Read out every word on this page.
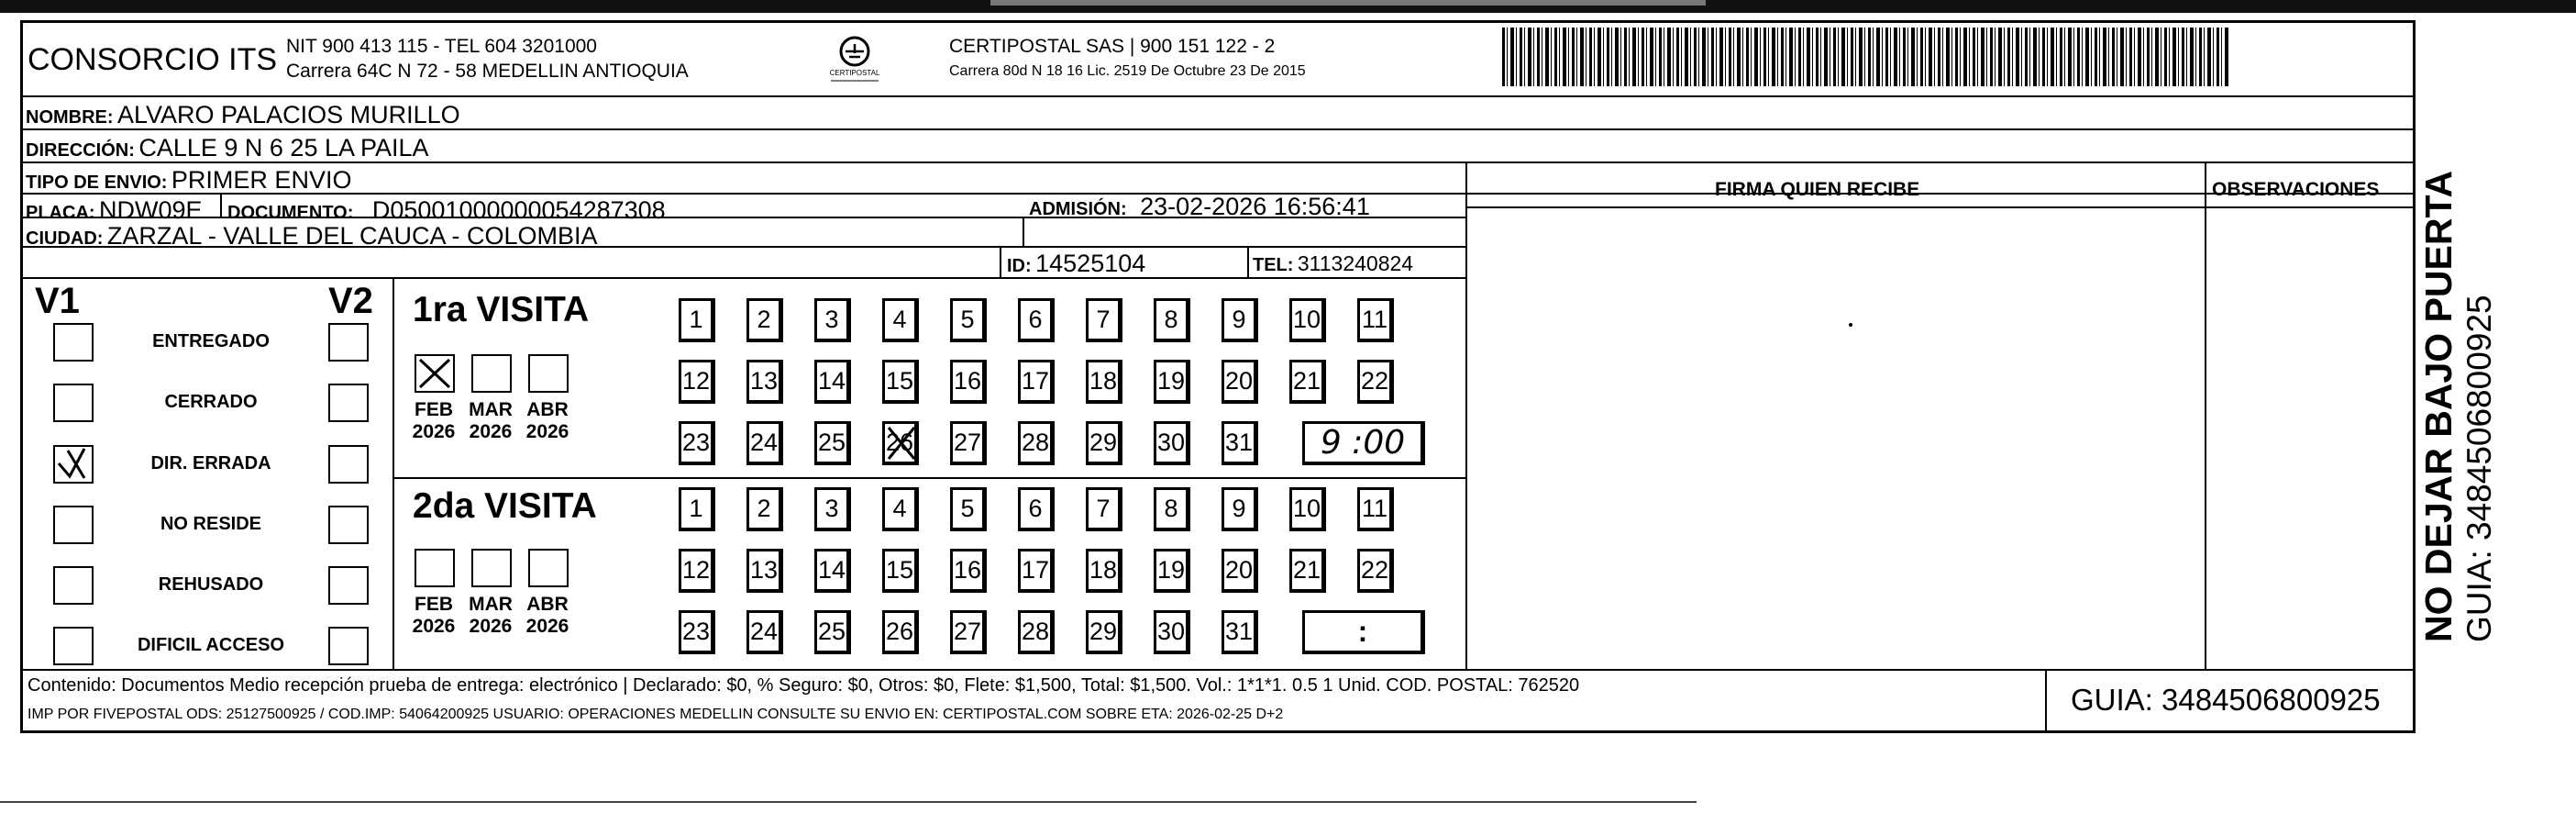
CONSORCIO ITS NIT 900 413 115 - TEL 604 3201000
Carrera 64C N 72 - 58 MEDELLIN ANTIOQUIA	CERTIPOSTAL
CERTIPOSTAL SAS | 900 151 122 - 2
Carrera 80d N 18 16 Lic. 2519 De Octubre 23 De 2015
NOMBRE: ALVARO PALACIOS MURILLO
DIRECCIÓN: CALLE 9 N 6 25 LA PAILA
TIPO DE ENVIO: PRIMER ENVIO	FIRMA QUIEN RECIBE	OBSERVACIONES
PLACA: NDW09E DOCUMENTO: D05001000000054287308	ADMISIÓN: 23-02-2026 16:56:41
CIUDAD: ZARZAL - VALLE DEL CAUCA - COLOMBIA
ID: 14525104	TEL: 3113240824
V1	V2
ENTREGADO
CERRADO
DIR. ERRADA
NO RESIDE
REHUSADO
DIFICIL ACCESO
1ra VISITA
FEB
2026
MAR
2026
ABR
2026
1	2	3	4	5	6	7	8	9	10 11
12 13 14 15 16 17 18 19 20 21 22
23 24 25 26 27 28 29 30 31	9 :00
2da VISITA
FEB
2026
MAR
2026
ABR
2026
1	2	3	4	5	6	7	8	9	10 11
12 13 14 15 16 17 18 19 20 21 22
23 24 25 26 27 28 29 30 31	:
Contenido: Documentos Medio recepción prueba de entrega: electrónico | Declarado: $0, % Seguro: $0, Otros: $0, Flete: $1,500, Total: $1,500. Vol.: 1*1*1. 0.5 1 Unid. COD. POSTAL: 762520
IMP POR FIVEPOSTAL ODS: 25127500925 / COD.IMP: 54064200925 USUARIO: OPERACIONES MEDELLIN CONSULTE SU ENVIO EN: CERTIPOSTAL.COM SOBRE ETA: 2026-02-25 D+2	GUIA: 3484506800925
NO DEJAR BAJO PUERTA GUIA: 3484506800925
